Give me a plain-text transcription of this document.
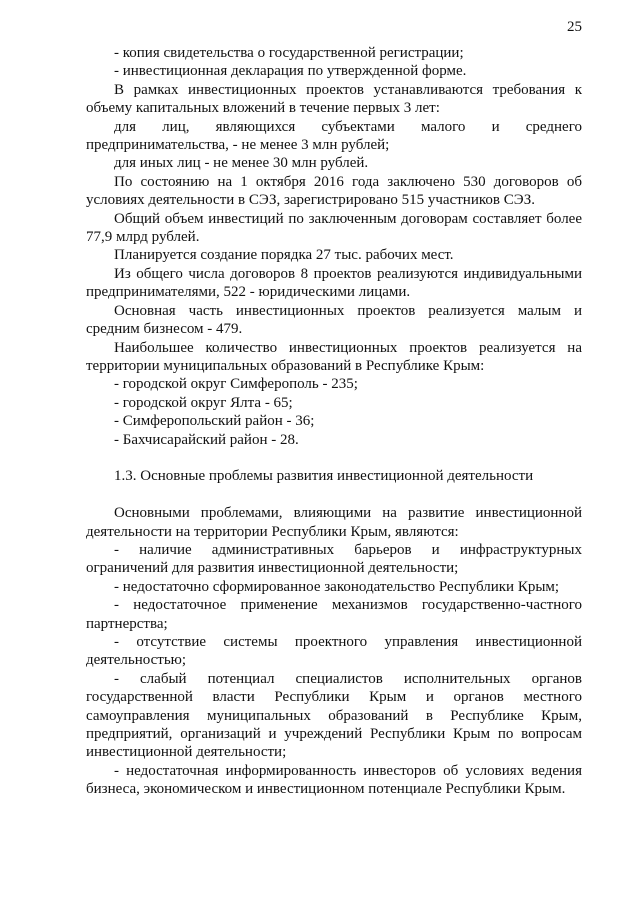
25

- копия свидетельства о государственной регистрации;

- инвестиционная декларация по утвержденной форме.

В рамках инвестиционных проектов устанавливаются требования к объему капитальных вложений в течение первых 3 лет:

для лиц, являющихся субъектами малого и среднего предпринимательства, - не менее 3 млн рублей;

для иных лиц - не менее 30 млн рублей.

По состоянию на 1 октября 2016 года заключено 530 договоров об условиях деятельности в СЭЗ, зарегистрировано 515 участников СЭЗ.

Общий объем инвестиций по заключенным договорам составляет более 77,9 млрд рублей.

Планируется создание порядка 27 тыс. рабочих мест.

Из общего числа договоров 8 проектов реализуются индивидуальными предпринимателями, 522 - юридическими лицами.

Основная часть инвестиционных проектов реализуется малым и средним бизнесом - 479.

Наибольшее количество инвестиционных проектов реализуется на территории муниципальных образований в Республике Крым:

- городской округ Симферополь - 235;

- городской округ Ялта - 65;

- Симферопольский район - 36;

- Бахчисарайский район - 28.

1.3. Основные проблемы развития инвестиционной деятельности

Основными проблемами, влияющими на развитие инвестиционной деятельности на территории Республики Крым, являются:

- наличие административных барьеров и инфраструктурных ограничений для развития инвестиционной деятельности;

- недостаточно сформированное законодательство Республики Крым;

- недостаточное применение механизмов государственно-частного партнерства;

- отсутствие системы проектного управления инвестиционной деятельностью;

- слабый потенциал специалистов исполнительных органов государственной власти Республики Крым и органов местного самоуправления муниципальных образований в Республике Крым, предприятий, организаций и учреждений Республики Крым по вопросам инвестиционной деятельности;

- недостаточная информированность инвесторов об условиях ведения бизнеса, экономическом и инвестиционном потенциале Республики Крым.
